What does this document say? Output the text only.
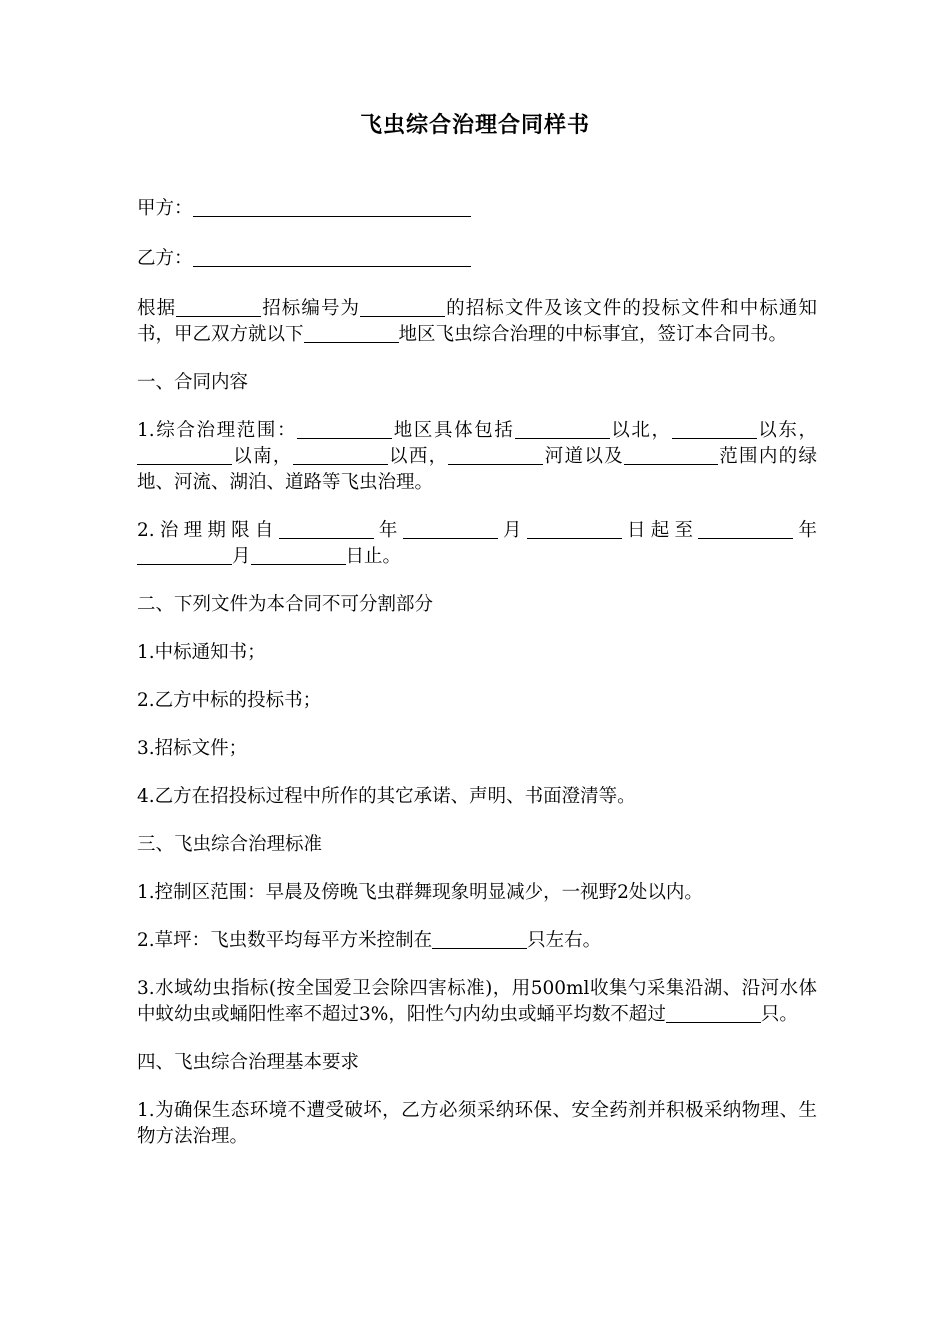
飞虫综合治理合同样书

甲方：

乙方：

根据	招标编号为	的招标文件及该文件的投标文件和中标通知书，甲乙双方就以下	地区飞虫综合治理的中标事宜，签订本合同书。

一、合同内容

1.综合治理范围：	地区具体包括	以北，	以东，以南，	以西，	河道以及	范围内的绿地、河流、湖泊、道路等飞虫治理。

2.治理期限自	年	月	日起至	年月	日止。

二、下列文件为本合同不可分割部分

1.中标通知书；

2.乙方中标的投标书；

3.招标文件；

4.乙方在招投标过程中所作的其它承诺、声明、书面澄清等。

三、飞虫综合治理标准

1.控制区范围：早晨及傍晚飞虫群舞现象明显减少，一视野2处以内。

2.草坪：飞虫数平均每平方米控制在	只左右。

3.水域幼虫指标(按全国爱卫会除四害标准)，用500ml收集勺采集沿湖、沿河水体中蚊幼虫或蛹阳性率不超过3%，阳性勺内幼虫或蛹平均数不超过	只。

四、飞虫综合治理基本要求

1.为确保生态环境不遭受破坏，乙方必须采纳环保、安全药剂并积极采纳物理、生物方法治理。
